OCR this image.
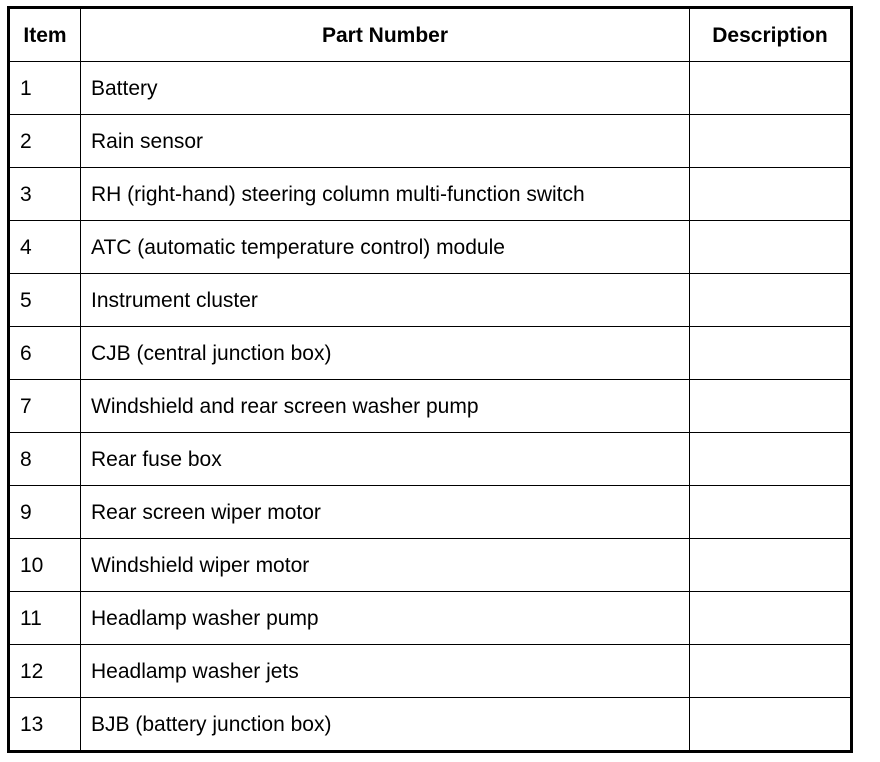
Item	Part Number	Description
1	Battery	
2	Rain sensor	
3	RH (right-hand) steering column multi-function switch	
4	ATC (automatic temperature control) module	
5	Instrument cluster	
6	CJB (central junction box)	
7	Windshield and rear screen washer pump	
8	Rear fuse box	
9	Rear screen wiper motor	
10	Windshield wiper motor	
11	Headlamp washer pump	
12	Headlamp washer jets	
13	BJB (battery junction box)	
